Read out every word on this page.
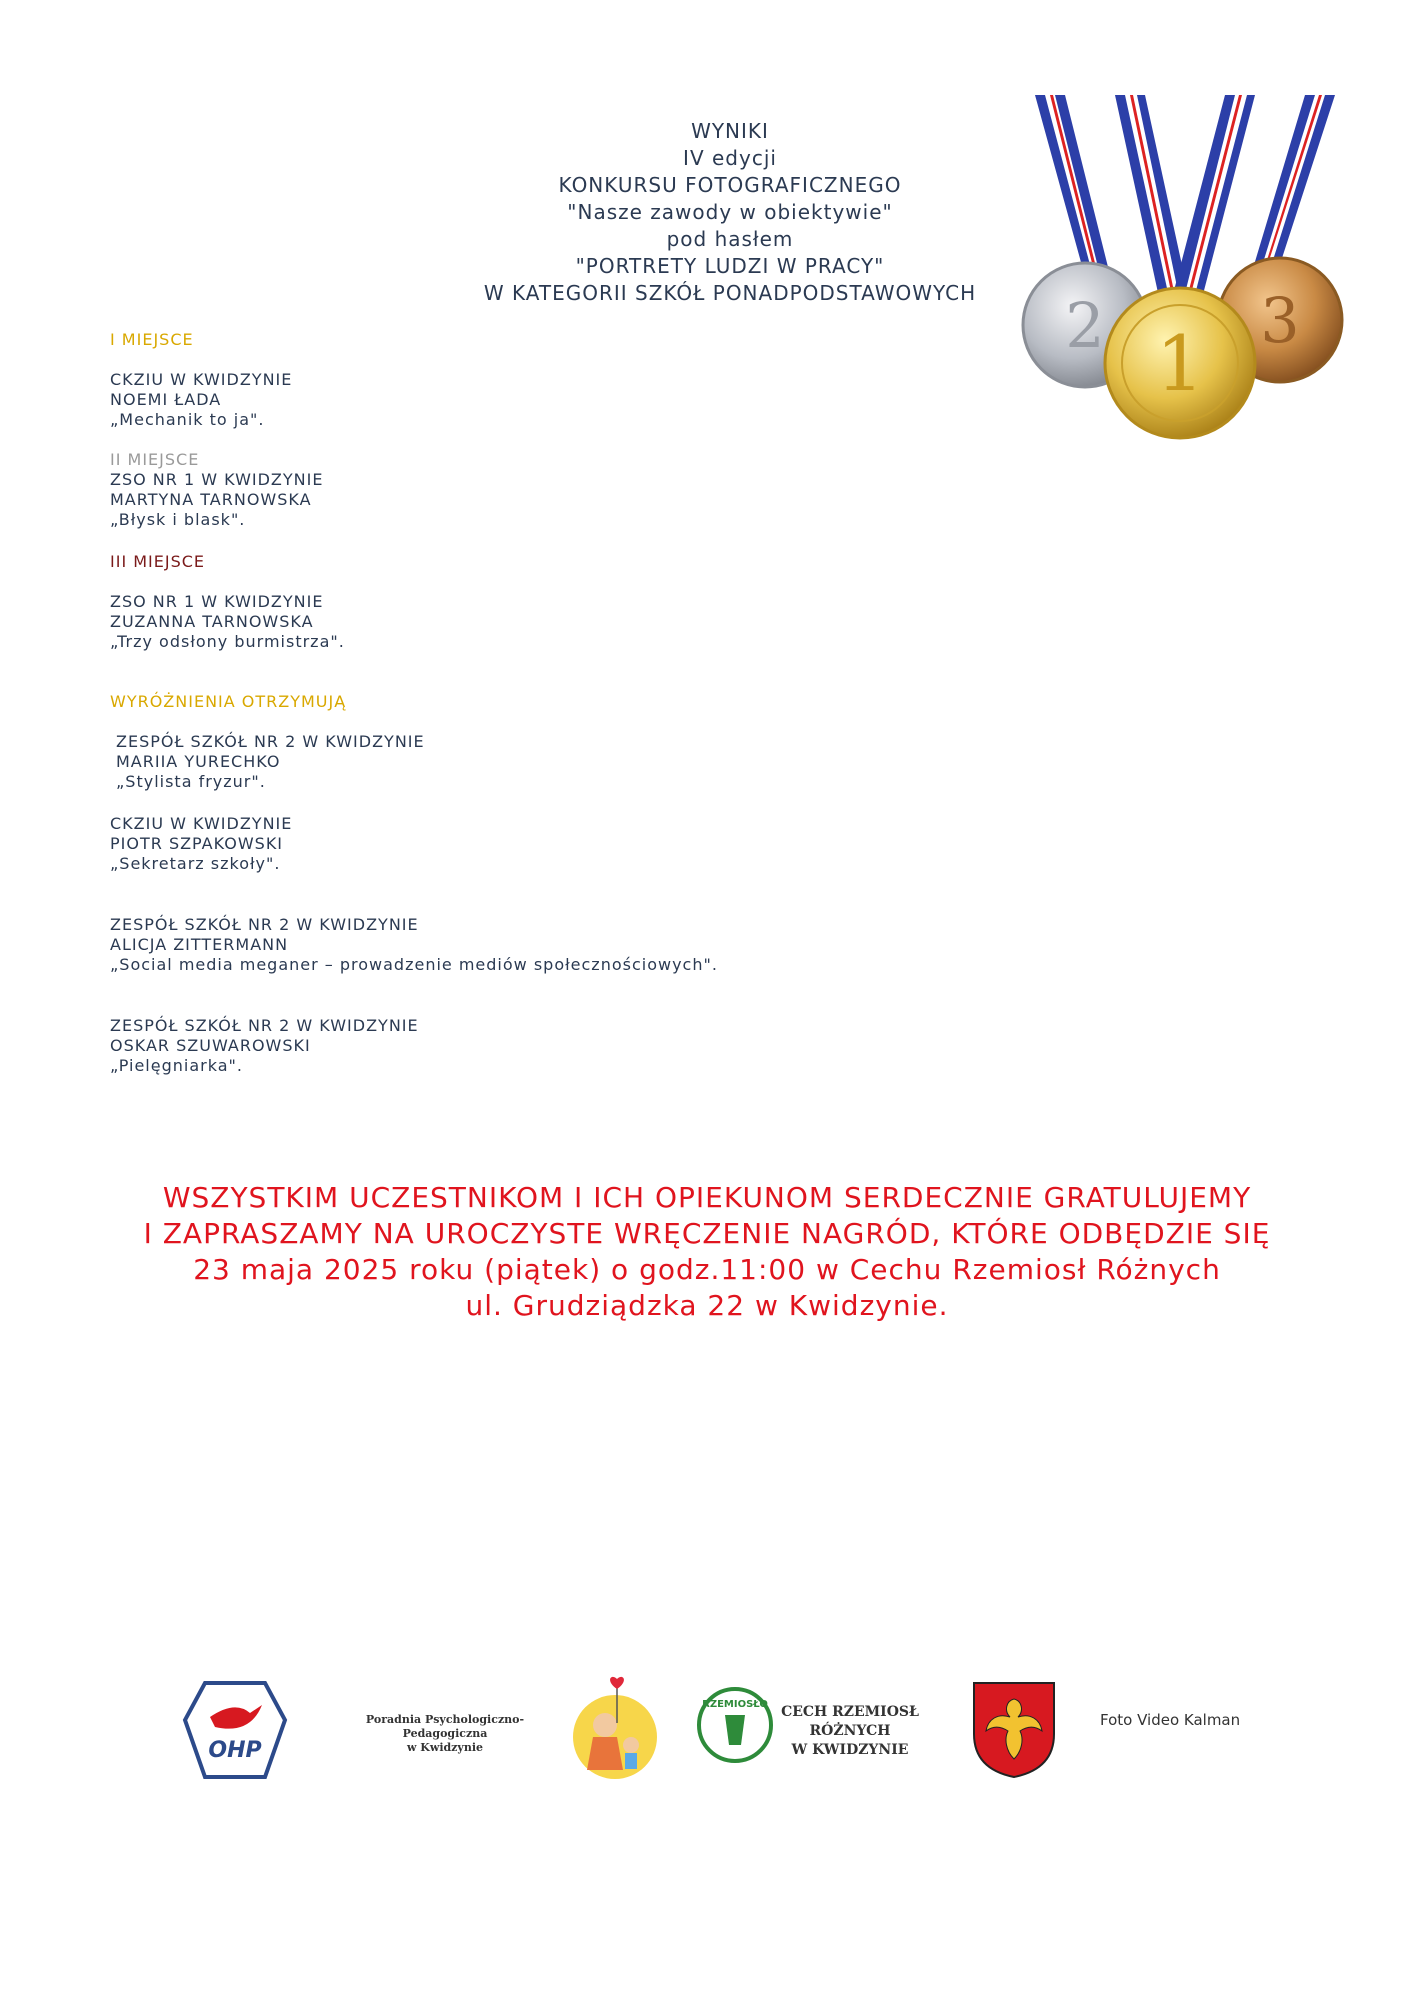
WYNIKI
IV edycji
KONKURSU FOTOGRAFICZNEGO
"Nasze zawody w obiektywie"
pod hasłem
"PORTRETY LUDZI W PRACY"
W KATEGORII SZKÓŁ PONADPODSTAWOWYCH	2	3
1
I MIEJSCE
CKZIU W KWIDZYNIE
NOEMI ŁADA
„Mechanik to ja".
II MIEJSCE
ZSO NR 1 W KWIDZYNIE
MARTYNA TARNOWSKA
„Błysk i blask".
III MIEJSCE
ZSO NR 1 W KWIDZYNIE
ZUZANNA TARNOWSKA
„Trzy odsłony burmistrza".
WYRÓŻNIENIA OTRZYMUJĄ
ZESPÓŁ SZKÓŁ NR 2 W KWIDZYNIE
MARIIA YURECHKO
„Stylista fryzur".
CKZIU W KWIDZYNIE
PIOTR SZPAKOWSKI
„Sekretarz szkoły".
ZESPÓŁ SZKÓŁ NR 2 W KWIDZYNIE
ALICJA ZITTERMANN
„Social media meganer – prowadzenie mediów społecznościowych".
ZESPÓŁ SZKÓŁ NR 2 W KWIDZYNIE
OSKAR SZUWAROWSKI
„Pielęgniarka".
WSZYSTKIM UCZESTNIKOM I ICH OPIEKUNOM SERDECZNIE GRATULUJEMY
I ZAPRASZAMY NA UROCZYSTE WRĘCZENIE NAGRÓD, KTÓRE ODBĘDZIE SIĘ
23 maja 2025 roku (piątek) o godz.11:00 w Cechu Rzemiosł Różnych
ul. Grudziądzka 22 w Kwidzynie.
OHP
Poradnia Psychologiczno-Pedagogiczna
w Kwidzynie
RZEMIOSŁO CECH RZEMIOSŁ
RÓŻNYCH
W KWIDZYNIE
Foto Video Kalman
